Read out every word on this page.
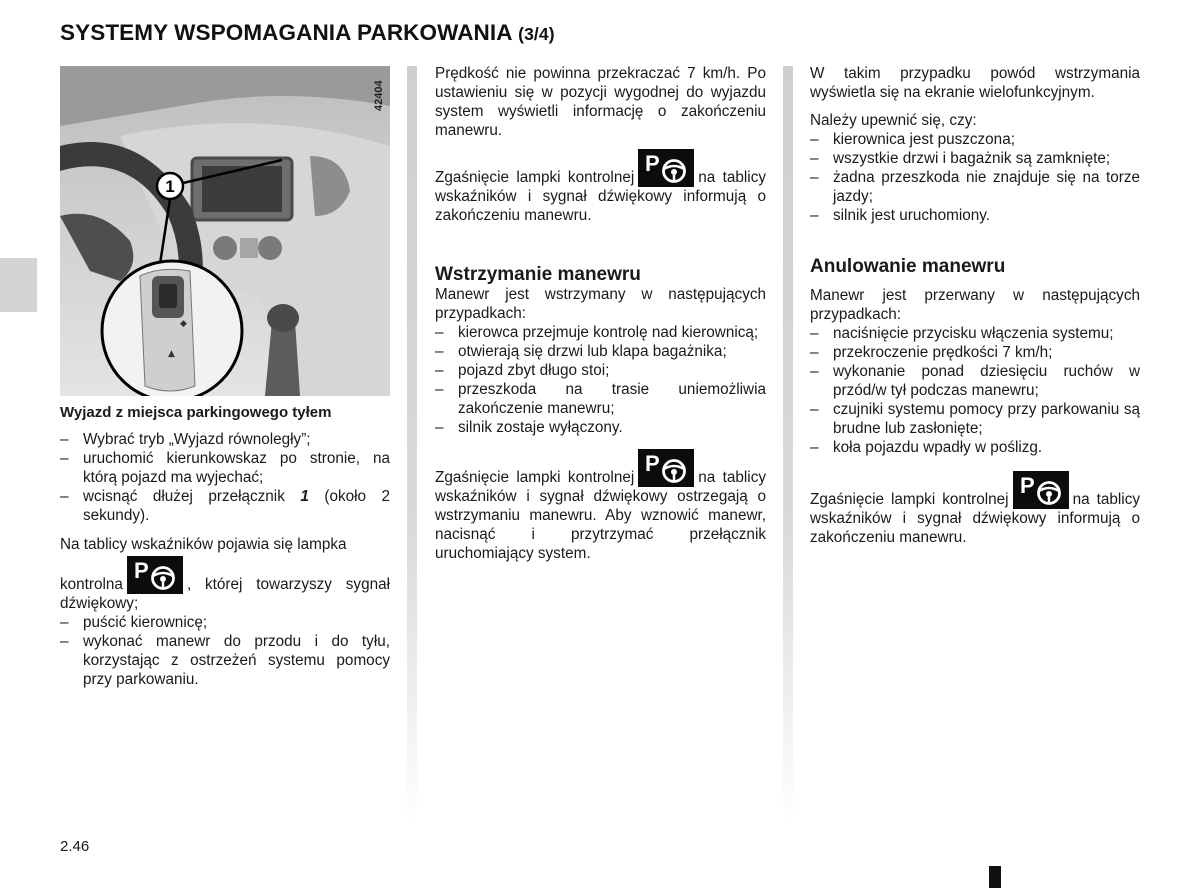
SYSTEMY WSPOMAGANIA PARKOWANIA (3/4)
1
◆
▲
42404

Wyjazd z miejsca parkingowego tyłem

– Wybrać tryb „Wyjazd równoległy”;
– uruchomić kierunkowskaz po stronie, na którą pojazd ma wyjechać;
– wcisnąć dłużej przełącznik 1 (około 2 sekundy).

Na tablicy wskaźników pojawia się lampka

kontrolna	, której towarzyszy sygnał dźwiękowy;

– puścić kierownicę;
– wykonać manewr do przodu i do tyłu, korzystając z ostrzeżeń systemu pomocy przy parkowaniu.

Prędkość nie powinna przekraczać 7 km/h. Po ustawieniu się w pozycji wygodnej do wyjazdu system wyświetli informację o zakończeniu manewru.

Zgaśnięcie lampki kontrolnej	na tablicy wskaźników i sygnał dźwiękowy informują o zakończeniu manewru.

Wstrzymanie manewru

Manewr jest wstrzymany w następujących przypadkach:

– kierowca przejmuje kontrolę nad kierownicą;
– otwierają się drzwi lub klapa bagażnika;
– pojazd zbyt długo stoi;
– przeszkoda na trasie uniemożliwia zakończenie manewru;
– silnik zostaje wyłączony.

Zgaśnięcie lampki kontrolnej	na tablicy wskaźników i sygnał dźwiękowy ostrzegają o wstrzymaniu manewru. Aby wznowić manewr, nacisnąć i przytrzymać przełącznik uruchomiający system.

W takim przypadku powód wstrzymania wyświetla się na ekranie wielofunkcyjnym.

Należy upewnić się, czy:

– kierownica jest puszczona;
– wszystkie drzwi i bagażnik są zamknięte;
– żadna przeszkoda nie znajduje się na torze jazdy;
– silnik jest uruchomiony.
Anulowanie manewru

Manewr jest przerwany w następujących przypadkach:

– naciśnięcie przycisku włączenia systemu;
– przekroczenie prędkości 7 km/h;
– wykonanie ponad dziesięciu ruchów w przód/w tył podczas manewru;
– czujniki systemu pomocy przy parkowaniu są brudne lub zasłonięte;
– koła pojazdu wpadły w poślizg.

Zgaśnięcie lampki kontrolnej	na tablicy wskaźników i sygnał dźwiękowy informują o zakończeniu manewru.

2.46
